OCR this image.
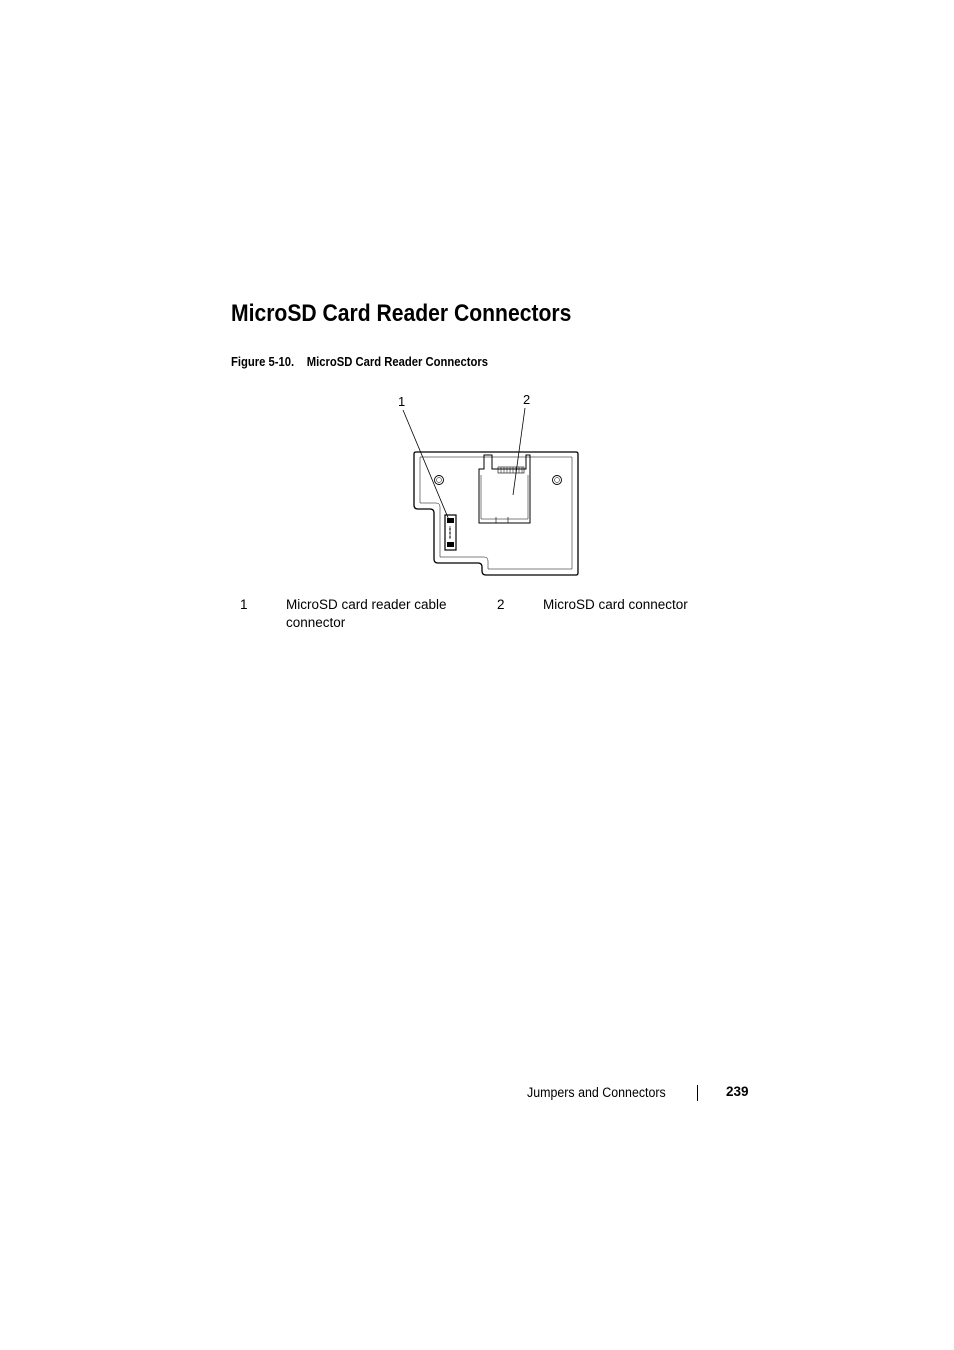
MicroSD Card Reader Connectors
Figure 5-10. MicroSD Card Reader Connectors
1	2
1	MicroSD card reader cable connector
2	MicroSD card connector
Jumpers and Connectors	239
